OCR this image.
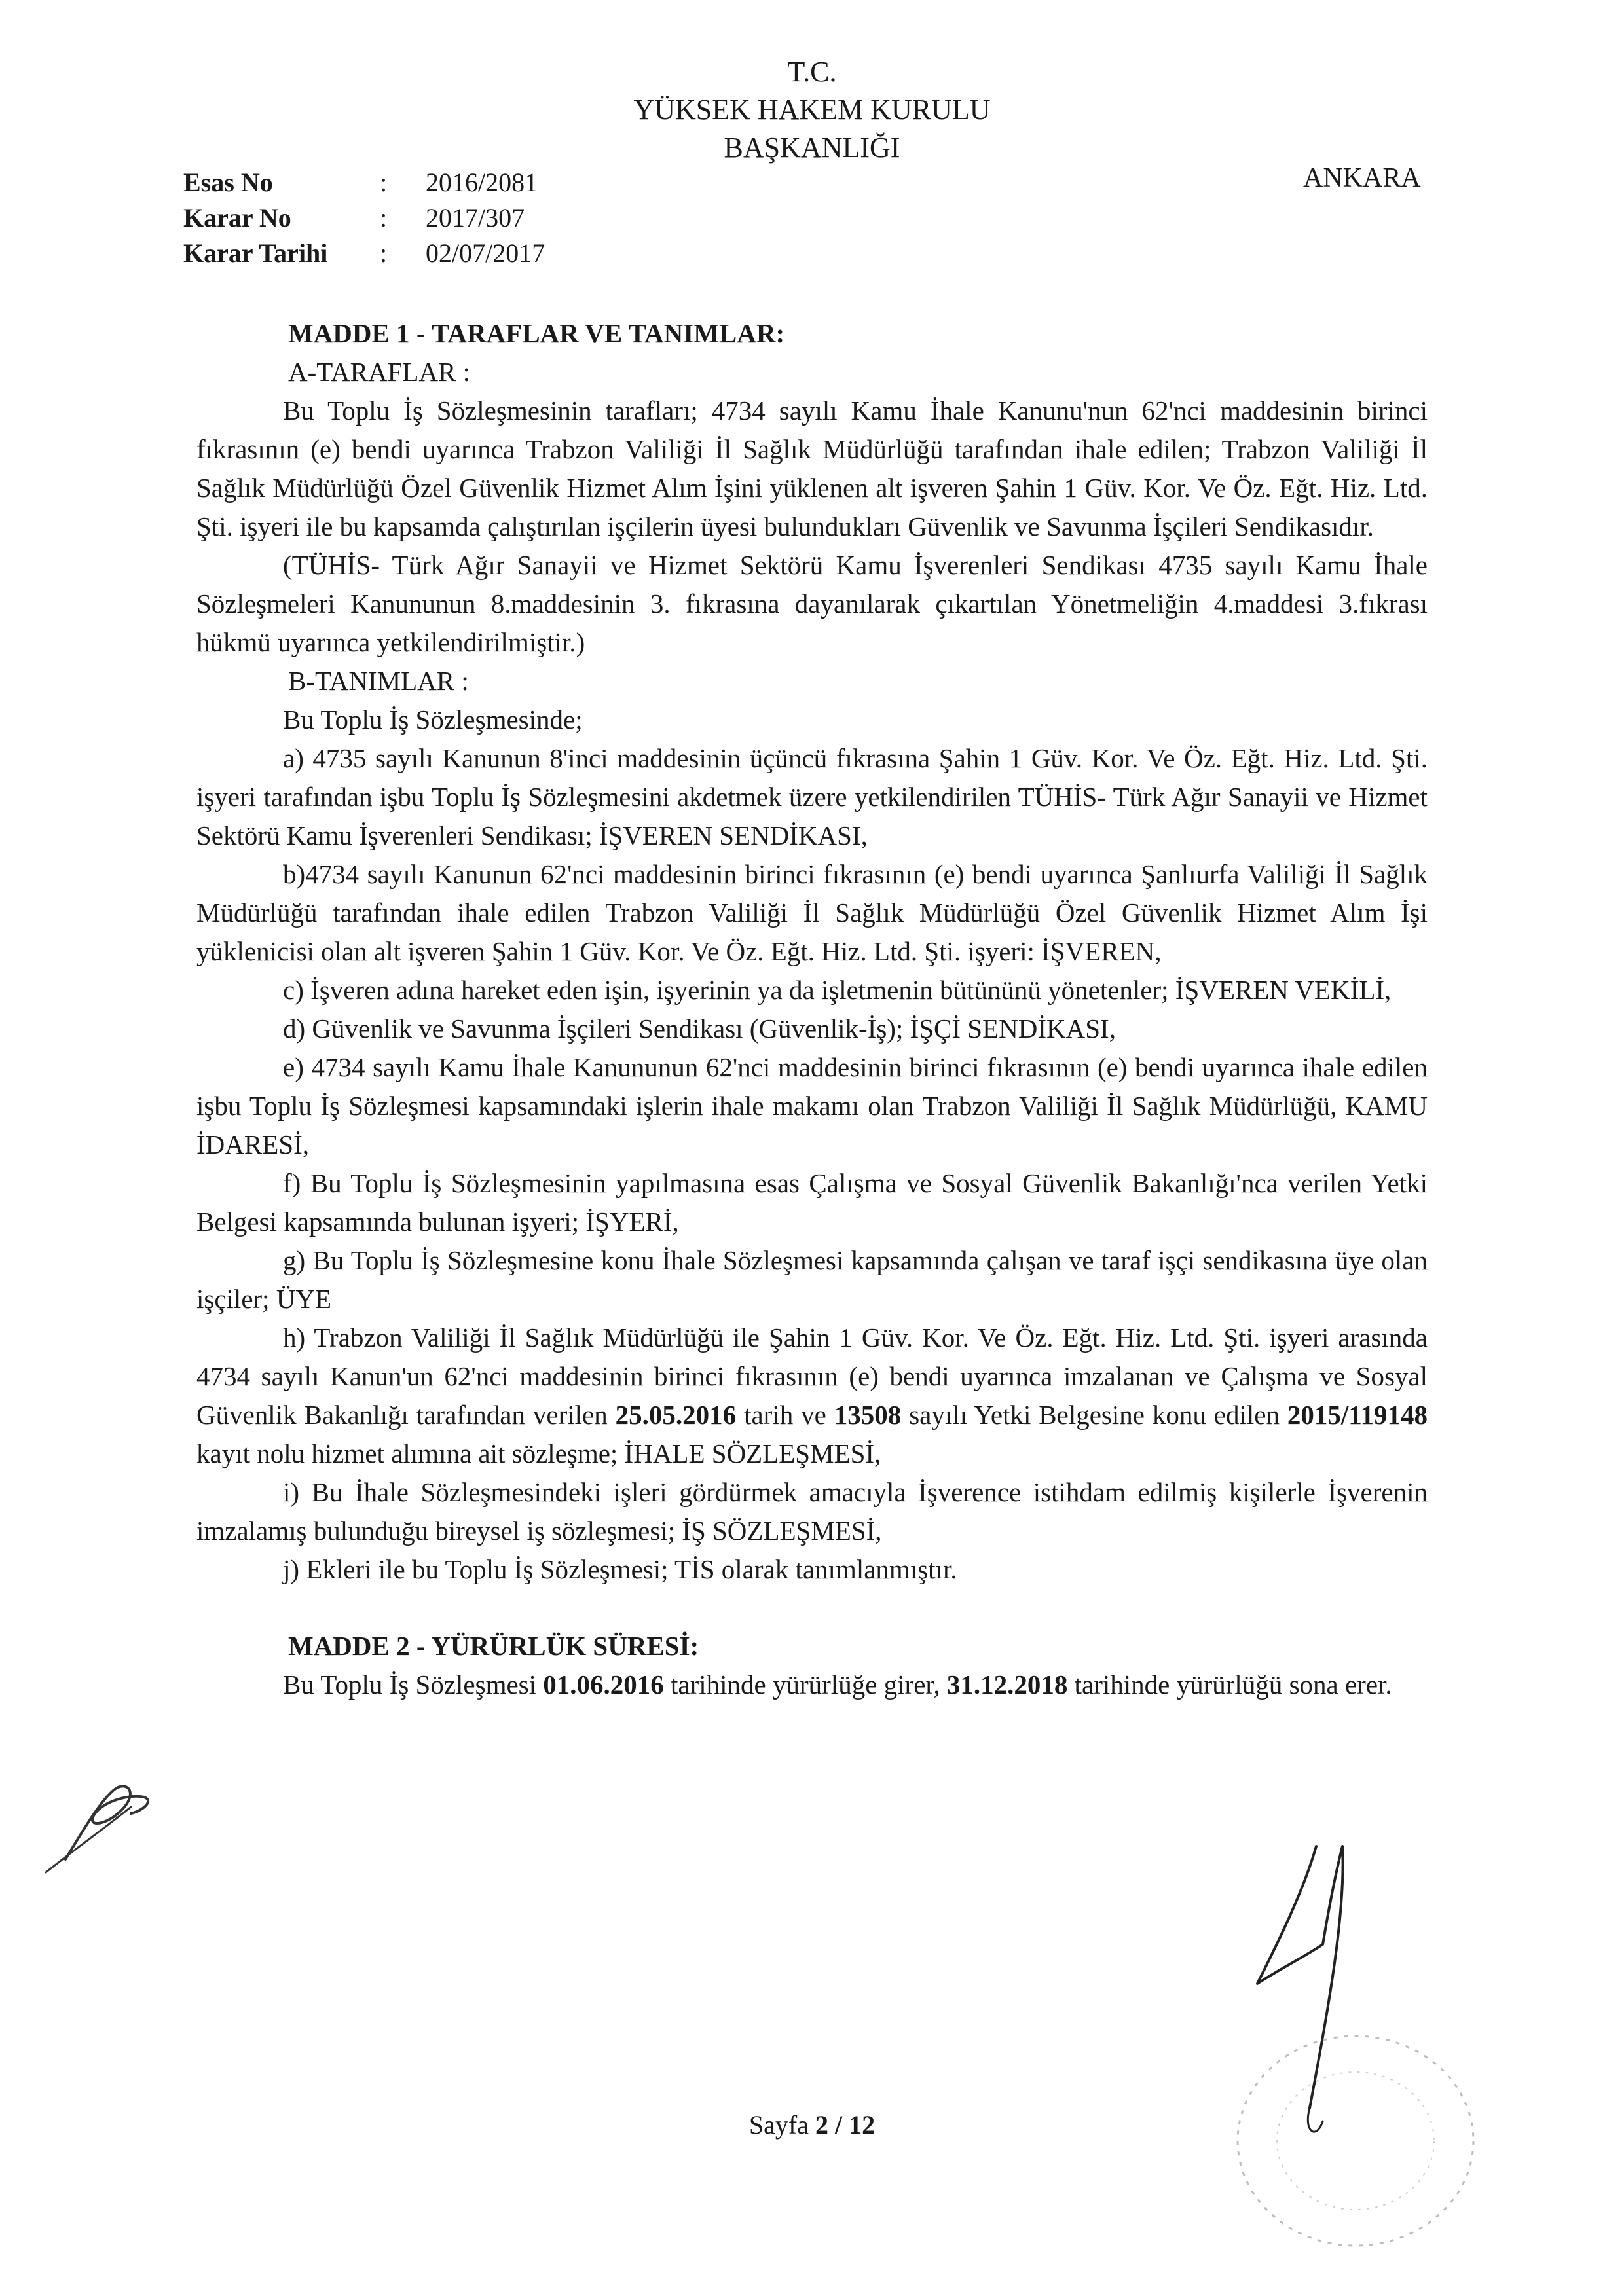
T.C.
YÜKSEK HAKEM KURULU
BAŞKANLIĞI
ANKARA
Esas No	: 2016/2081
Karar No	: 2017/307
Karar Tarihi : 02/07/2017

MADDE 1 - TARAFLAR VE TANIMLAR:

A-TARAFLAR :

Bu Toplu İş Sözleşmesinin tarafları; 4734 sayılı Kamu İhale Kanunu'nun 62'nci maddesinin birinci fıkrasının (e) bendi uyarınca Trabzon Valiliği İl Sağlık Müdürlüğü tarafından ihale edilen; Trabzon Valiliği İl Sağlık Müdürlüğü Özel Güvenlik Hizmet Alım İşini yüklenen alt işveren Şahin 1 Güv. Kor. Ve Öz. Eğt. Hiz. Ltd. Şti. işyeri ile bu kapsamda çalıştırılan işçilerin üyesi bulundukları Güvenlik ve Savunma İşçileri Sendikasıdır.

(TÜHİS- Türk Ağır Sanayii ve Hizmet Sektörü Kamu İşverenleri Sendikası 4735 sayılı Kamu İhale Sözleşmeleri Kanununun 8.maddesinin 3. fıkrasına dayanılarak çıkartılan Yönetmeliğin 4.maddesi 3.fıkrası hükmü uyarınca yetkilendirilmiştir.)

B-TANIMLAR :

Bu Toplu İş Sözleşmesinde;

a) 4735 sayılı Kanunun 8'inci maddesinin üçüncü fıkrasına Şahin 1 Güv. Kor. Ve Öz. Eğt. Hiz. Ltd. Şti. işyeri tarafından işbu Toplu İş Sözleşmesini akdetmek üzere yetkilendirilen TÜHİS- Türk Ağır Sanayii ve Hizmet Sektörü Kamu İşverenleri Sendikası; İŞVEREN SENDİKASI,

b)4734 sayılı Kanunun 62'nci maddesinin birinci fıkrasının (e) bendi uyarınca Şanlıurfa Valiliği İl Sağlık Müdürlüğü tarafından ihale edilen Trabzon Valiliği İl Sağlık Müdürlüğü Özel Güvenlik Hizmet Alım İşi yüklenicisi olan alt işveren Şahin 1 Güv. Kor. Ve Öz. Eğt. Hiz. Ltd. Şti. işyeri: İŞVEREN,

c) İşveren adına hareket eden işin, işyerinin ya da işletmenin bütününü yönetenler; İŞVEREN VEKİLİ,

d) Güvenlik ve Savunma İşçileri Sendikası (Güvenlik-İş); İŞÇİ SENDİKASI,

e) 4734 sayılı Kamu İhale Kanununun 62'nci maddesinin birinci fıkrasının (e) bendi uyarınca ihale edilen işbu Toplu İş Sözleşmesi kapsamındaki işlerin ihale makamı olan Trabzon Valiliği İl Sağlık Müdürlüğü, KAMU İDARESİ,

f) Bu Toplu İş Sözleşmesinin yapılmasına esas Çalışma ve Sosyal Güvenlik Bakanlığı'nca verilen Yetki Belgesi kapsamında bulunan işyeri; İŞYERİ,

g) Bu Toplu İş Sözleşmesine konu İhale Sözleşmesi kapsamında çalışan ve taraf işçi sendikasına üye olan işçiler; ÜYE

h) Trabzon Valiliği İl Sağlık Müdürlüğü ile Şahin 1 Güv. Kor. Ve Öz. Eğt. Hiz. Ltd. Şti. işyeri arasında 4734 sayılı Kanun'un 62'nci maddesinin birinci fıkrasının (e) bendi uyarınca imzalanan ve Çalışma ve Sosyal Güvenlik Bakanlığı tarafından verilen 25.05.2016 tarih ve 13508 sayılı Yetki Belgesine konu edilen 2015/119148 kayıt nolu hizmet alımına ait sözleşme; İHALE SÖZLEŞMESİ,

i) Bu İhale Sözleşmesindeki işleri gördürmek amacıyla İşverence istihdam edilmiş kişilerle İşverenin imzalamış bulunduğu bireysel iş sözleşmesi; İŞ SÖZLEŞMESİ,

j) Ekleri ile bu Toplu İş Sözleşmesi; TİS olarak tanımlanmıştır.

MADDE 2 - YÜRÜRLÜK SÜRESİ:

Bu Toplu İş Sözleşmesi 01.06.2016 tarihinde yürürlüğe girer, 31.12.2018 tarihinde yürürlüğü sona erer.

Sayfa 2 / 12
